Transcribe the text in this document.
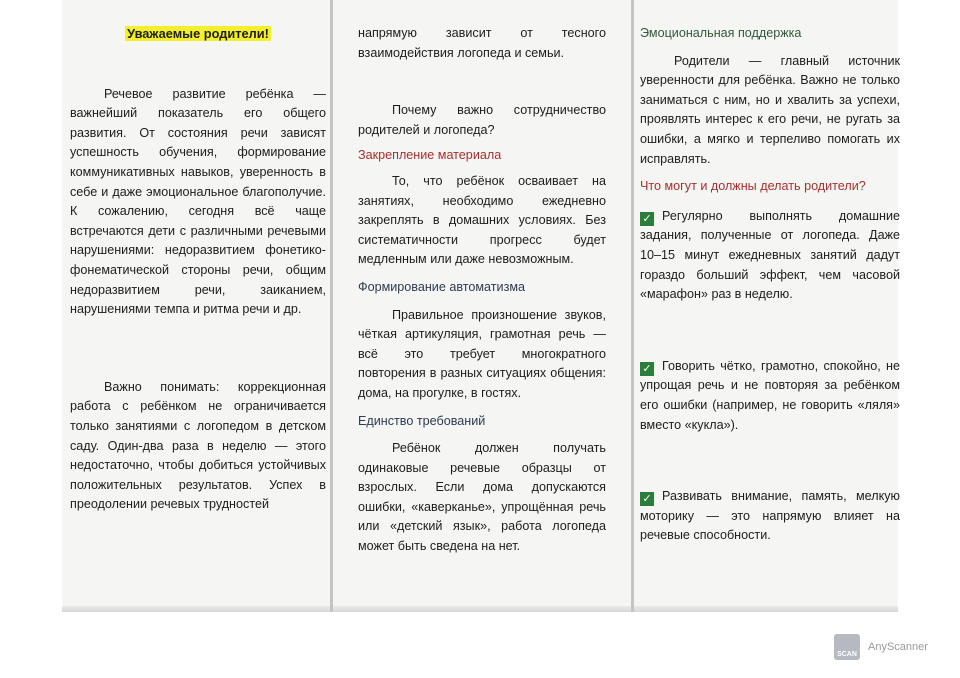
Уважаемые родители!

Речевое развитие ребёнка — важнейший показатель его общего развития. От состояния речи зависят успешность обучения, формирование коммуникативных навыков, уверенность в себе и даже эмоциональное благополучие. К сожалению, сегодня всё чаще встречаются дети с различными речевыми нарушениями: недоразвитием фонетико-фонематической стороны речи, общим недоразвитием речи, заиканием, нарушениями темпа и ритма речи и др.

Важно понимать: коррекционная работа с ребёнком не ограничивается только занятиями с логопедом в детском саду. Один-два раза в неделю — этого недостаточно, чтобы добиться устойчивых положительных результатов. Успех в преодолении речевых трудностей

напрямую зависит от тесного взаимодействия логопеда и семьи.

Почему важно сотрудничество родителей и логопеда?

Закрепление материала

То, что ребёнок осваивает на занятиях, необходимо ежедневно закреплять в домашних условиях. Без систематичности прогресс будет медленным или даже невозможным.

Формирование автоматизма

Правильное произношение звуков, чёткая артикуляция, грамотная речь — всё это требует многократного повторения в разных ситуациях общения: дома, на прогулке, в гостях.

Единство требований

Ребёнок должен получать одинаковые речевые образцы от взрослых. Если дома допускаются ошибки, «каверканье», упрощённая речь или «детский язык», работа логопеда может быть сведена на нет.

Эмоциональная поддержка

Родители — главный источник уверенности для ребёнка. Важно не только заниматься с ним, но и хвалить за успехи, проявлять интерес к его речи, не ругать за ошибки, а мягко и терпеливо помогать их исправлять.

Что могут и должны делать родители?

✓ Регулярно выполнять домашние задания, полученные от логопеда. Даже 10–15 минут ежедневных занятий дадут гораздо больший эффект, чем часовой «марафон» раз в неделю.

✓ Говорить чётко, грамотно, спокойно, не упрощая речь и не повторяя за ребёнком его ошибки (например, не говорить «ляля» вместо «кукла»).

✓ Развивать внимание, память, мелкую моторику — это напрямую влияет на речевые способности.

SCAN
AnyScanner
